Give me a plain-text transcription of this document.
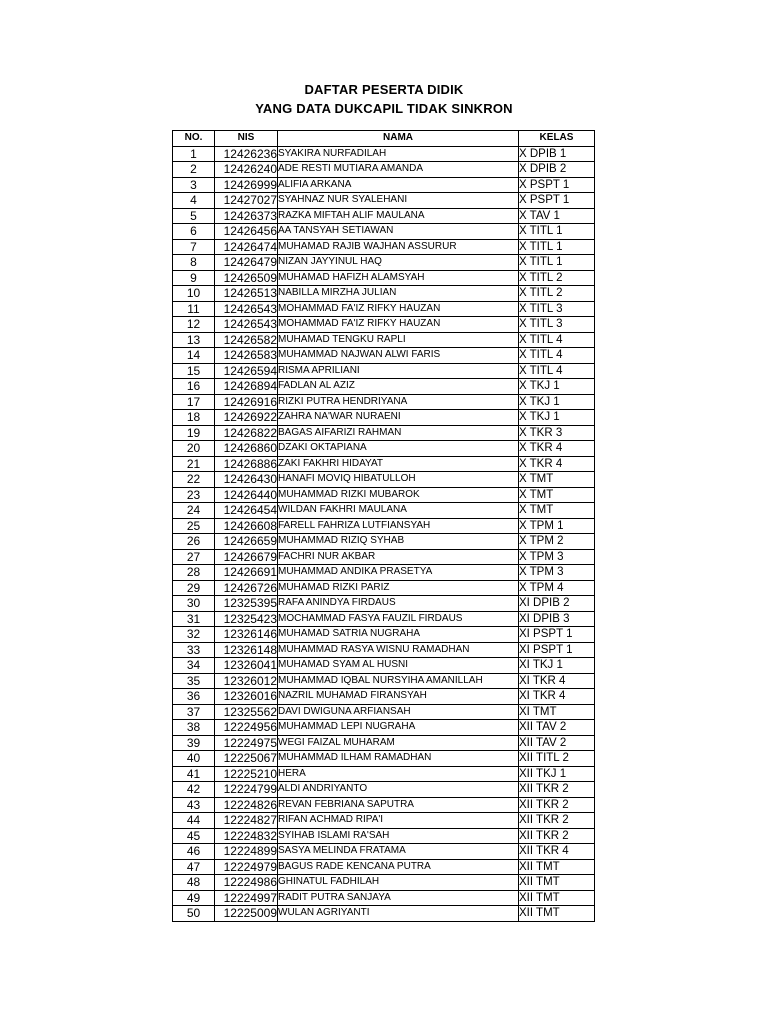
DAFTAR PESERTA DIDIK
YANG DATA DUKCAPIL TIDAK SINKRON
NO.	NIS	NAMA	KELAS
1	12426236	SYAKIRA NURFADILAH	X DPIB 1
2	12426240	ADE RESTI MUTIARA AMANDA	X DPIB 2
3	12426999	ALIFIA ARKANA	X PSPT 1
4	12427027	SYAHNAZ NUR SYALEHANI	X PSPT 1
5	12426373	RAZKA MIFTAH ALIF MAULANA	X TAV 1
6	12426456	AA TANSYAH SETIAWAN	X TITL 1
7	12426474	MUHAMAD RAJIB WAJHAN ASSURUR	X TITL 1
8	12426479	NIZAN JAYYINUL HAQ	X TITL 1
9	12426509	MUHAMAD HAFIZH ALAMSYAH	X TITL 2
10	12426513	NABILLA MIRZHA JULIAN	X TITL 2
11	12426543	MOHAMMAD FA'IZ RIFKY HAUZAN	X TITL 3
12	12426543	MOHAMMAD FA'IZ RIFKY HAUZAN	X TITL 3
13	12426582	MUHAMAD TENGKU RAPLI	X TITL 4
14	12426583	MUHAMMAD NAJWAN ALWI FARIS	X TITL 4
15	12426594	RISMA APRILIANI	X TITL 4
16	12426894	FADLAN AL AZIZ	X TKJ 1
17	12426916	RIZKI PUTRA HENDRIYANA	X TKJ 1
18	12426922	ZAHRA NA'WAR NURAENI	X TKJ 1
19	12426822	BAGAS AIFARIZI RAHMAN	X TKR 3
20	12426860	DZAKI OKTAPIANA	X TKR 4
21	12426886	ZAKI FAKHRI HIDAYAT	X TKR 4
22	12426430	HANAFI MOVIQ HIBATULLOH	X TMT
23	12426440	MUHAMMAD RIZKI MUBAROK	X TMT
24	12426454	WILDAN FAKHRI MAULANA	X TMT
25	12426608	FARELL FAHRIZA LUTFIANSYAH	X TPM 1
26	12426659	MUHAMMAD RIZIQ SYHAB	X TPM 2
27	12426679	FACHRI NUR AKBAR	X TPM 3
28	12426691	MUHAMMAD ANDIKA PRASETYA	X TPM 3
29	12426726	MUHAMAD RIZKI PARIZ	X TPM 4
30	12325395	RAFA ANINDYA FIRDAUS	XI DPIB 2
31	12325423	MOCHAMMAD FASYA FAUZIL FIRDAUS	XI DPIB 3
32	12326146	MUHAMAD SATRIA NUGRAHA	XI PSPT 1
33	12326148	MUHAMMAD RASYA WISNU RAMADHAN	XI PSPT 1
34	12326041	MUHAMAD SYAM AL HUSNI	XI TKJ 1
35	12326012	MUHAMMAD IQBAL NURSYIHA AMANILLAH	XI TKR 4
36	12326016	NAZRIL MUHAMAD FIRANSYAH	XI TKR 4
37	12325562	DAVI DWIGUNA ARFIANSAH	XI TMT
38	12224956	MUHAMMAD LEPI NUGRAHA	XII TAV 2
39	12224975	WEGI FAIZAL MUHARAM	XII TAV 2
40	12225067	MUHAMMAD ILHAM RAMADHAN	XII TITL 2
41	12225210	HERA	XII TKJ 1
42	12224799	ALDI ANDRIYANTO	XII TKR 2
43	12224826	REVAN FEBRIANA SAPUTRA	XII TKR 2
44	12224827	RIFAN ACHMAD RIPA'I	XII TKR 2
45	12224832	SYIHAB ISLAMI RA'SAH	XII TKR 2
46	12224899	SASYA MELINDA FRATAMA	XII TKR 4
47	12224979	BAGUS RADE KENCANA PUTRA	XII TMT
48	12224986	GHINATUL FADHILAH	XII TMT
49	12224997	RADIT PUTRA SANJAYA	XII TMT
50	12225009	WULAN AGRIYANTI	XII TMT
